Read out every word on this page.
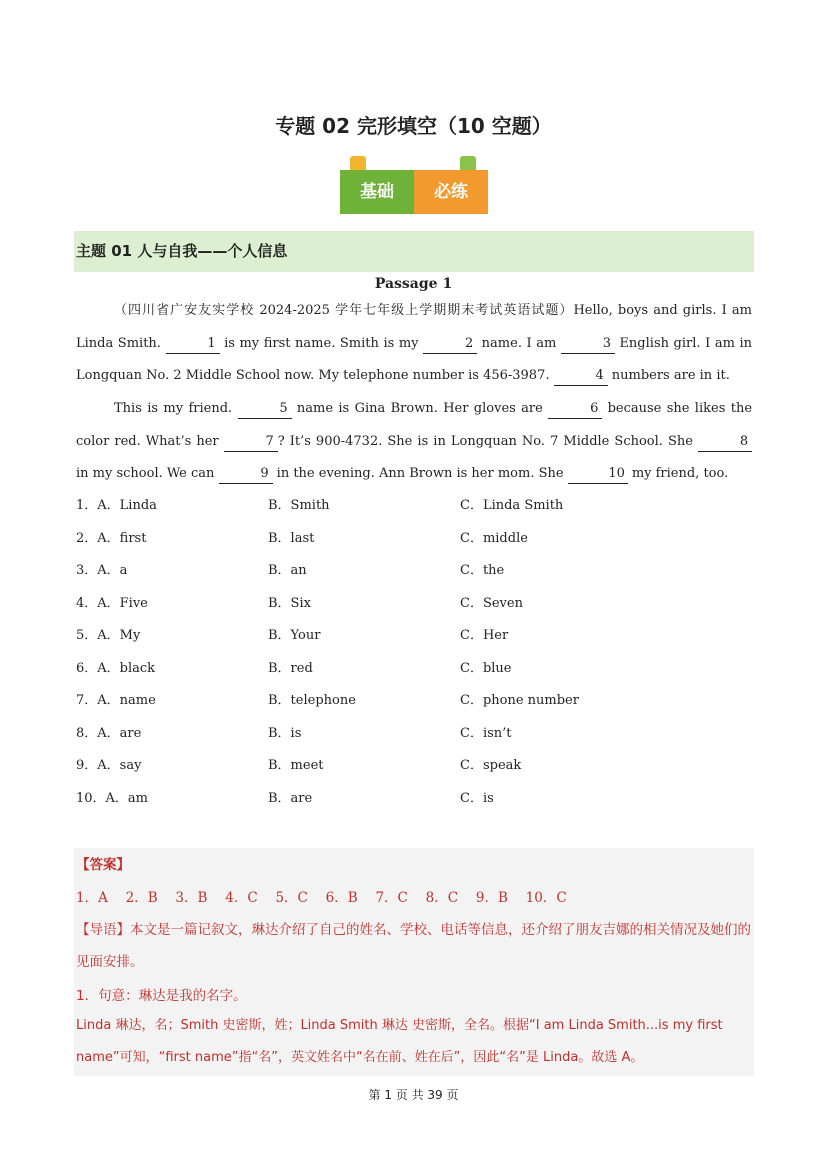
专题 02 完形填空（10 空题）
基础	必练
主题 01 人与自我——个人信息
Passage 1
（四川省广安友实学校 2024-2025 学年七年级上学期期末考试英语试题）Hello, boys and girls. I am Linda Smith.	1 is my first name. Smith is my	2 name. I am	3 English girl. I am in Longquan No. 2 Middle School now. My telephone number is 456-3987.	4 numbers are in it.
This is my friend.	5 name is Gina Brown. Her gloves are	6 because she likes the color red. What’s her	7 ? It’s 900-4732. She is in Longquan No. 7 Middle School. She	8 in my school. We can	9 in the evening. Ann Brown is her mom. She	10 my friend, too.
1．A．Linda	B．Smith	C．Linda Smith
2．A．first	B．last	C．middle
3．A．a	B．an	C．the
4．A．Five	B．Six	C．Seven
5．A．My	B．Your	C．Her
6．A．black	B．red	C．blue
7．A．name	B．telephone	C．phone number
8．A．are	B．is	C．isn’t
9．A．say	B．meet	C．speak
10．A．am	B．are	C．is
【答案】
1．A　 2．B　 3．B　 4．C　 5．C　 6．B　 7．C　 8．C　 9．B　 10．C
【导语】本文是一篇记叙文，琳达介绍了自己的姓名、学校、电话等信息，还介绍了朋友吉娜的相关情况及她们的见面安排。
1．句意：琳达是我的名字。
Linda 琳达，名；Smith 史密斯，姓；Linda Smith 琳达 史密斯，全名。根据“I am Linda Smith...is my first name”可知，“first name”指“名”，英文姓名中“名在前、姓在后”，因此“名”是 Linda。故选 A。
第 1 页 共 39 页
